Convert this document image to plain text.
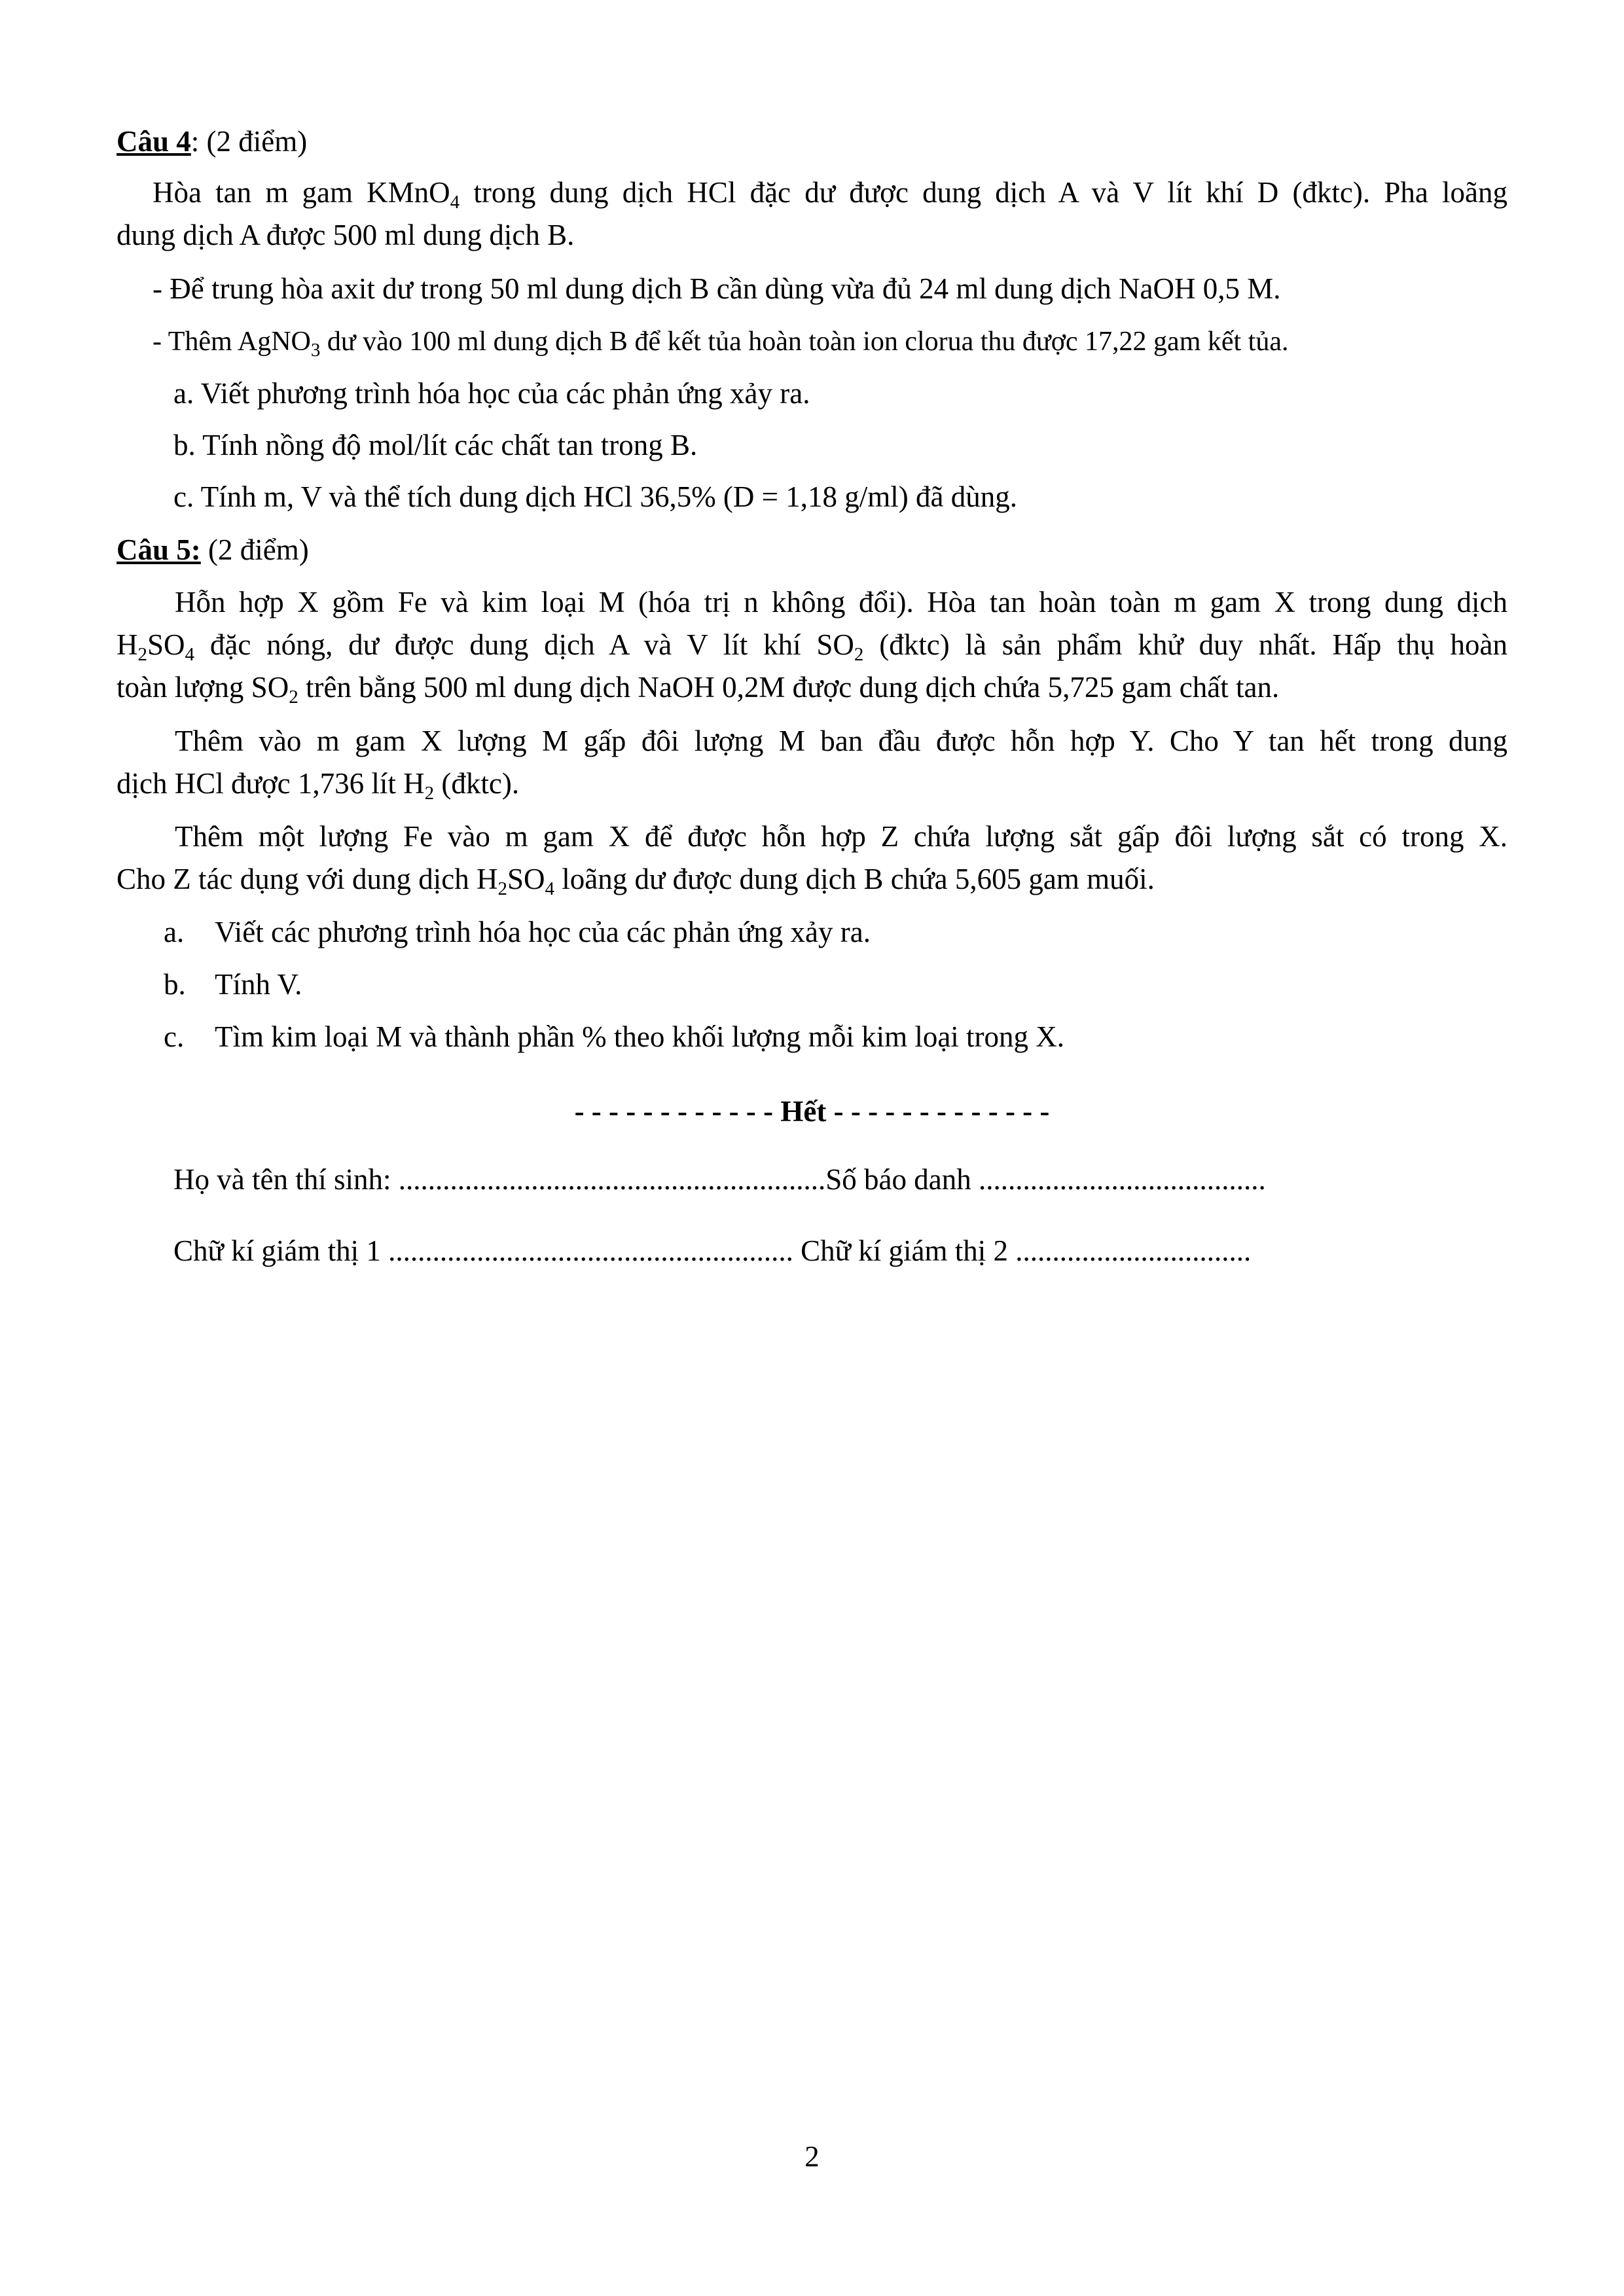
Câu 4: (2 điểm)
Hòa tan m gam KMnO$_4$ trong dung dịch HCl đặc dư được dung dịch A và V lít khí D (đktc). Pha loãng
dung dịch A được 500 ml dung dịch B.
- Để trung hòa axit dư trong 50 ml dung dịch B cần dùng vừa đủ 24 ml dung dịch NaOH 0,5 M.
- Thêm AgNO$_3$ dư vào 100 ml dung dịch B để kết tủa hoàn toàn ion clorua thu được 17,22 gam kết tủa.
a. Viết phương trình hóa học của các phản ứng xảy ra.
b. Tính nồng độ mol/lít các chất tan trong B.
c. Tính m, V và thể tích dung dịch HCl 36,5% (D = 1,18 g/ml) đã dùng.
Câu 5: (2 điểm)
Hỗn hợp X gồm Fe và kim loại M (hóa trị n không đổi). Hòa tan hoàn toàn m gam X trong dung dịch
$H_2SO_4$ đặc nóng, dư được dung dịch A và V lít khí $SO_2$ (đktc) là sản phẩm khử duy nhất. Hấp thụ hoàn
toàn lượng $SO_2$ trên bằng 500 ml dung dịch NaOH 0,2M được dung dịch chứa 5,725 gam chất tan.
Thêm vào m gam X lượng M gấp đôi lượng M ban đầu được hỗn hợp Y. Cho Y tan hết trong dung
dịch HCl được 1,736 lít $H_2$ (đktc).
Thêm một lượng Fe vào m gam X để được hỗn hợp Z chứa lượng sắt gấp đôi lượng sắt có trong X.
Cho Z tác dụng với dung dịch $H_2SO_4$ loãng dư được dung dịch B chứa 5,605 gam muối.
a. Viết các phương trình hóa học của các phản ứng xảy ra.
b. Tính V.
c. Tìm kim loại M và thành phần % theo khối lượng mỗi kim loại trong X.
- - - - - - - - - - - - Hết - - - - - - - - - - - - -
Họ và tên thí sinh: ..........................................................Số báo danh .......................................
Chữ kí giám thị 1 ....................................................... Chữ kí giám thị 2 ................................
2
